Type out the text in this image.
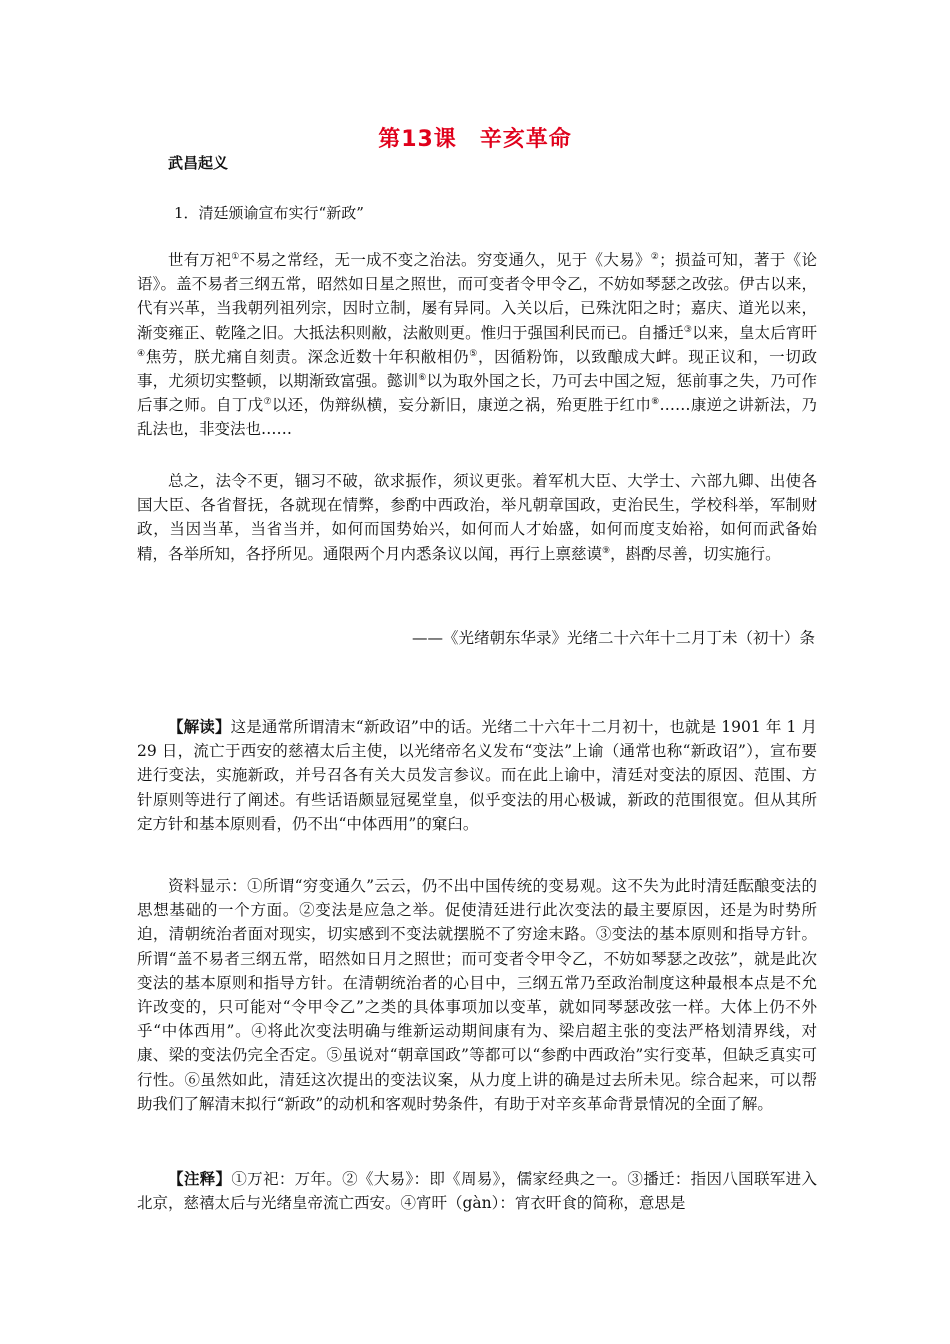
第13课　辛亥革命
武昌起义
1．清廷颁谕宣布实行“新政”

世有万祀①不易之常经，无一成不变之治法。穷变通久，见于《大易》②；损益可知，著于《论语》。盖不易者三纲五常，昭然如日星之照世，而可变者令甲令乙，不妨如琴瑟之改弦。伊古以来，代有兴革，当我朝列祖列宗，因时立制，屡有异同。入关以后，已殊沈阳之时；嘉庆、道光以来，渐变雍正、乾隆之旧。大抵法积则敝，法敝则更。惟归于强国利民而已。自播迁③以来，皇太后宵旰④焦劳，朕尤痛自刻责。深念近数十年积敝相仍⑤，因循粉饰，以致酿成大衅。现正议和，一切政事，尤须切实整顿，以期渐致富强。懿训⑥以为取外国之长，乃可去中国之短，惩前事之失，乃可作后事之师。自丁戊⑦以还，伪辩纵横，妄分新旧，康逆之祸，殆更胜于红巾⑧……康逆之讲新法，乃乱法也，非变法也……

总之，法令不更，锢习不破，欲求振作，须议更张。着军机大臣、大学士、六部九卿、出使各国大臣、各省督抚，各就现在情弊，参酌中西政治，举凡朝章国政，吏治民生，学校科举，军制财政，当因当革，当省当并，如何而国势始兴，如何而人才始盛，如何而度支始裕，如何而武备始精，各举所知，各抒所见。通限两个月内悉条议以闻，再行上禀慈谟⑨，斟酌尽善，切实施行。

——《光绪朝东华录》光绪二十六年十二月丁未（初十）条

【解读】这是通常所谓清末“新政诏”中的话。光绪二十六年十二月初十，也就是 1901 年 1 月 29 日，流亡于西安的慈禧太后主使，以光绪帝名义发布“变法”上谕（通常也称“新政诏”），宣布要进行变法，实施新政，并号召各有关大员发言参议。而在此上谕中，清廷对变法的原因、范围、方针原则等进行了阐述。有些话语颇显冠冕堂皇，似乎变法的用心极诚，新政的范围很宽。但从其所定方针和基本原则看，仍不出“中体西用”的窠臼。

资料显示：①所谓“穷变通久”云云，仍不出中国传统的变易观。这不失为此时清廷酝酿变法的思想基础的一个方面。②变法是应急之举。促使清廷进行此次变法的最主要原因，还是为时势所迫，清朝统治者面对现实，切实感到不变法就摆脱不了穷途末路。③变法的基本原则和指导方针。所谓“盖不易者三纲五常，昭然如日月之照世；而可变者令甲令乙，不妨如琴瑟之改弦”，就是此次变法的基本原则和指导方针。在清朝统治者的心目中，三纲五常乃至政治制度这种最根本点是不允许改变的，只可能对“令甲令乙”之类的具体事项加以变革，就如同琴瑟改弦一样。大体上仍不外乎“中体西用”。④将此次变法明确与维新运动期间康有为、梁启超主张的变法严格划清界线，对康、梁的变法仍完全否定。⑤虽说对“朝章国政”等都可以“参酌中西政治”实行变革，但缺乏真实可行性。⑥虽然如此，清廷这次提出的变法议案，从力度上讲的确是过去所未见。综合起来，可以帮助我们了解清末拟行“新政”的动机和客观时势条件，有助于对辛亥革命背景情况的全面了解。

【注释】①万祀：万年。②《大易》：即《周易》，儒家经典之一。③播迁：指因八国联军进入北京，慈禧太后与光绪皇帝流亡西安。④宵旰（gàn）：宵衣旰食的简称，意思是
